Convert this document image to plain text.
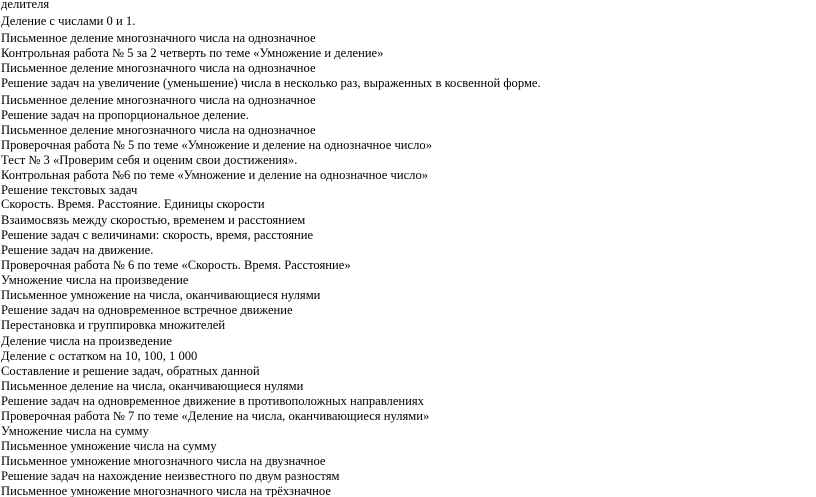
делителя
Деление с числами 0 и 1.
Письменное деление многозначного числа на однозначное
Контрольная работа № 5 за 2 четверть по теме «Умножение и деление»
Письменное деление многозначного числа на однозначное
Решение задач на увеличение (уменьшение) числа в несколько раз, выраженных в косвенной форме.
Письменное деление многозначного числа на однозначное
Решение задач на пропорциональное деление.
Письменное деление многозначного числа на однозначное
Проверочная работа № 5 по теме «Умножение и деление на однозначное число»
Тест № 3 «Проверим себя и оценим свои достижения».
Контрольная работа №6 по теме «Умножение и деление на однозначное число»
Решение текстовых задач
Скорость. Время. Расстояние. Единицы скорости
Взаимосвязь между скоростью, временем и расстоянием
Решение задач с величинами: скорость, время, расстояние
Решение задач на движение.
Проверочная работа № 6 по теме «Скорость. Время. Расстояние»
Умножение числа на произведение
Письменное умножение на числа, оканчивающиеся нулями
Решение задач на одновременное встречное движение
Перестановка и группировка множителей
Деление числа на произведение
Деление с остатком на 10, 100, 1 000
Составление и решение задач, обратных данной
Письменное деление на числа, оканчивающиеся нулями
Решение задач на одновременное движение в противоположных направлениях
Проверочная работа № 7 по теме «Деление на числа, оканчивающиеся нулями»
Умножение числа на сумму
Письменное умножение числа на сумму
Письменное умножение многозначного числа на двузначное
Решение задач на нахождение неизвестного по двум разностям
Письменное умножение многозначного числа на трёхзначное
